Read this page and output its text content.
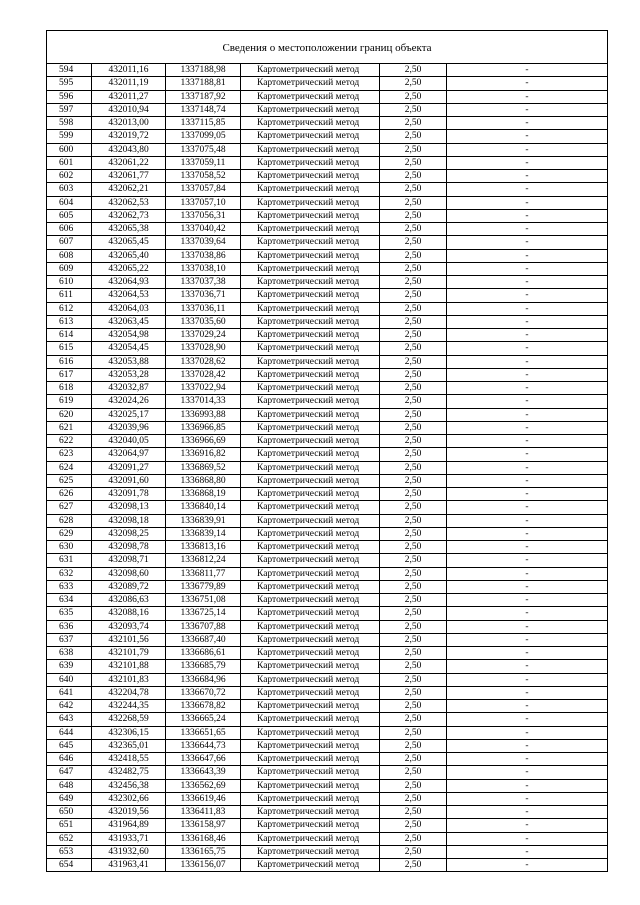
Сведения о местоположении границ объекта					
594	432011,16	1337188,98	Картометрический метод	2,50	-
595	432011,19	1337188,81	Картометрический метод	2,50	-
596	432011,27	1337187,92	Картометрический метод	2,50	-
597	432010,94	1337148,74	Картометрический метод	2,50	-
598	432013,00	1337115,85	Картометрический метод	2,50	-
599	432019,72	1337099,05	Картометрический метод	2,50	-
600	432043,80	1337075,48	Картометрический метод	2,50	-
601	432061,22	1337059,11	Картометрический метод	2,50	-
602	432061,77	1337058,52	Картометрический метод	2,50	-
603	432062,21	1337057,84	Картометрический метод	2,50	-
604	432062,53	1337057,10	Картометрический метод	2,50	-
605	432062,73	1337056,31	Картометрический метод	2,50	-
606	432065,38	1337040,42	Картометрический метод	2,50	-
607	432065,45	1337039,64	Картометрический метод	2,50	-
608	432065,40	1337038,86	Картометрический метод	2,50	-
609	432065,22	1337038,10	Картометрический метод	2,50	-
610	432064,93	1337037,38	Картометрический метод	2,50	-
611	432064,53	1337036,71	Картометрический метод	2,50	-
612	432064,03	1337036,11	Картометрический метод	2,50	-
613	432063,45	1337035,60	Картометрический метод	2,50	-
614	432054,98	1337029,24	Картометрический метод	2,50	-
615	432054,45	1337028,90	Картометрический метод	2,50	-
616	432053,88	1337028,62	Картометрический метод	2,50	-
617	432053,28	1337028,42	Картометрический метод	2,50	-
618	432032,87	1337022,94	Картометрический метод	2,50	-
619	432024,26	1337014,33	Картометрический метод	2,50	-
620	432025,17	1336993,88	Картометрический метод	2,50	-
621	432039,96	1336966,85	Картометрический метод	2,50	-
622	432040,05	1336966,69	Картометрический метод	2,50	-
623	432064,97	1336916,82	Картометрический метод	2,50	-
624	432091,27	1336869,52	Картометрический метод	2,50	-
625	432091,60	1336868,80	Картометрический метод	2,50	-
626	432091,78	1336868,19	Картометрический метод	2,50	-
627	432098,13	1336840,14	Картометрический метод	2,50	-
628	432098,18	1336839,91	Картометрический метод	2,50	-
629	432098,25	1336839,14	Картометрический метод	2,50	-
630	432098,78	1336813,16	Картометрический метод	2,50	-
631	432098,71	1336812,24	Картометрический метод	2,50	-
632	432098,60	1336811,77	Картометрический метод	2,50	-
633	432089,72	1336779,89	Картометрический метод	2,50	-
634	432086,63	1336751,08	Картометрический метод	2,50	-
635	432088,16	1336725,14	Картометрический метод	2,50	-
636	432093,74	1336707,88	Картометрический метод	2,50	-
637	432101,56	1336687,40	Картометрический метод	2,50	-
638	432101,79	1336686,61	Картометрический метод	2,50	-
639	432101,88	1336685,79	Картометрический метод	2,50	-
640	432101,83	1336684,96	Картометрический метод	2,50	-
641	432204,78	1336670,72	Картометрический метод	2,50	-
642	432244,35	1336678,82	Картометрический метод	2,50	-
643	432268,59	1336665,24	Картометрический метод	2,50	-
644	432306,15	1336651,65	Картометрический метод	2,50	-
645	432365,01	1336644,73	Картометрический метод	2,50	-
646	432418,55	1336647,66	Картометрический метод	2,50	-
647	432482,75	1336643,39	Картометрический метод	2,50	-
648	432456,38	1336562,69	Картометрический метод	2,50	-
649	432302,66	1336619,46	Картометрический метод	2,50	-
650	432019,56	1336411,83	Картометрический метод	2,50	-
651	431964,89	1336158,97	Картометрический метод	2,50	-
652	431933,71	1336168,46	Картометрический метод	2,50	-
653	431932,60	1336165,75	Картометрический метод	2,50	-
654	431963,41	1336156,07	Картометрический метод	2,50	-
